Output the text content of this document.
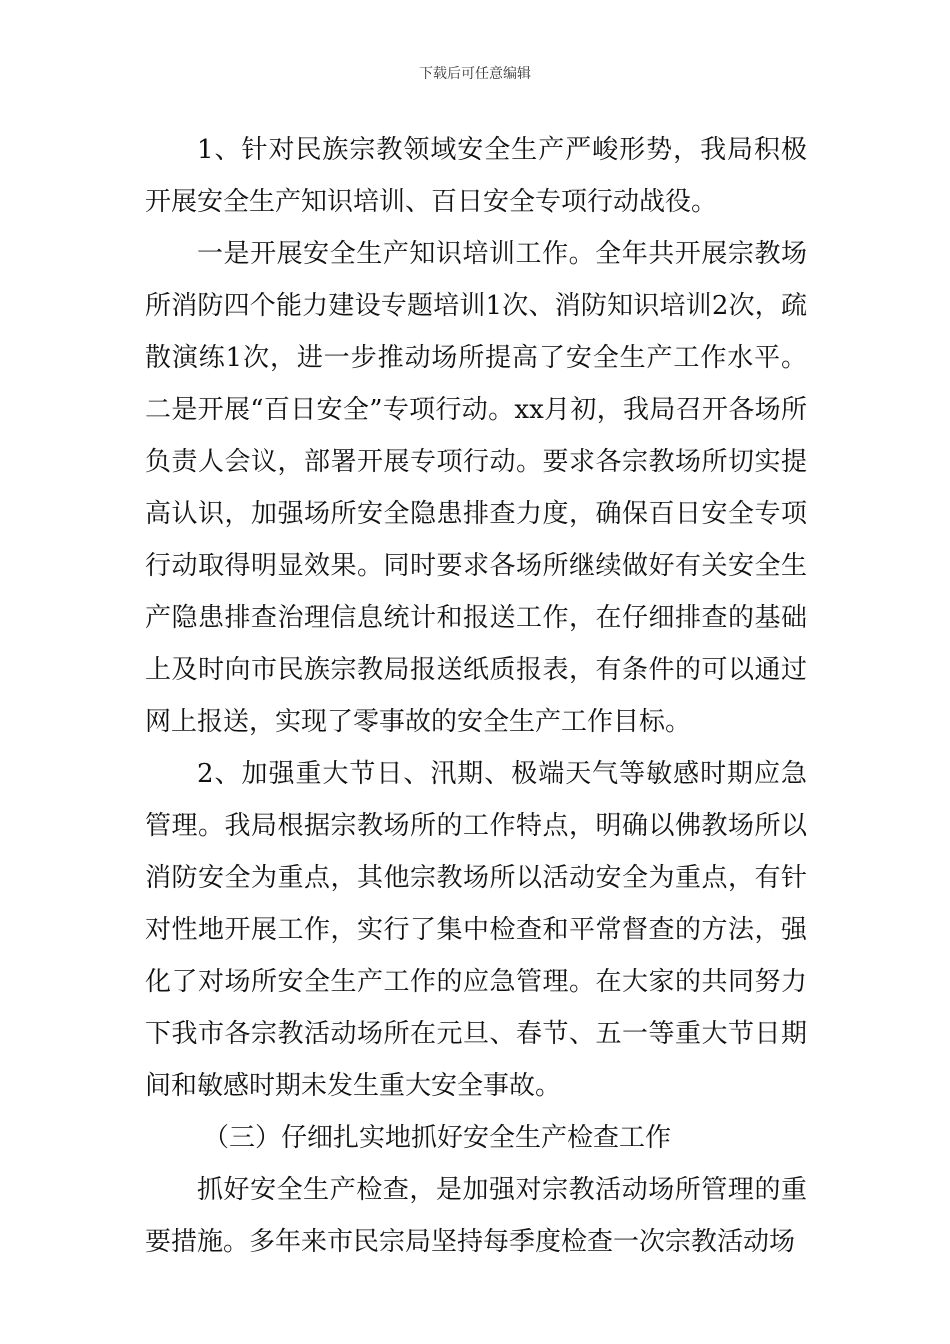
下载后可任意编辑

1、针对民族宗教领域安全生产严峻形势，我局积极开展安全生产知识培训、百日安全专项行动战役。

一是开展安全生产知识培训工作。全年共开展宗教场所消防四个能力建设专题培训1次、消防知识培训2次，疏散演练1次，进一步推动场所提高了安全生产工作水平。二是开展“百日安全”专项行动。xx月初，我局召开各场所负责人会议，部署开展专项行动。要求各宗教场所切实提高认识，加强场所安全隐患排查力度，确保百日安全专项行动取得明显效果。同时要求各场所继续做好有关安全生产隐患排查治理信息统计和报送工作，在仔细排查的基础上及时向市民族宗教局报送纸质报表，有条件的可以通过网上报送，实现了零事故的安全生产工作目标。

2、加强重大节日、汛期、极端天气等敏感时期应急管理。我局根据宗教场所的工作特点，明确以佛教场所以消防安全为重点，其他宗教场所以活动安全为重点，有针对性地开展工作，实行了集中检查和平常督查的方法，强化了对场所安全生产工作的应急管理。在大家的共同努力下我市各宗教活动场所在元旦、春节、五一等重大节日期间和敏感时期未发生重大安全事故。

（三）仔细扎实地抓好安全生产检查工作

抓好安全生产检查，是加强对宗教活动场所管理的重要措施。多年来市民宗局坚持每季度检查一次宗教活动场
